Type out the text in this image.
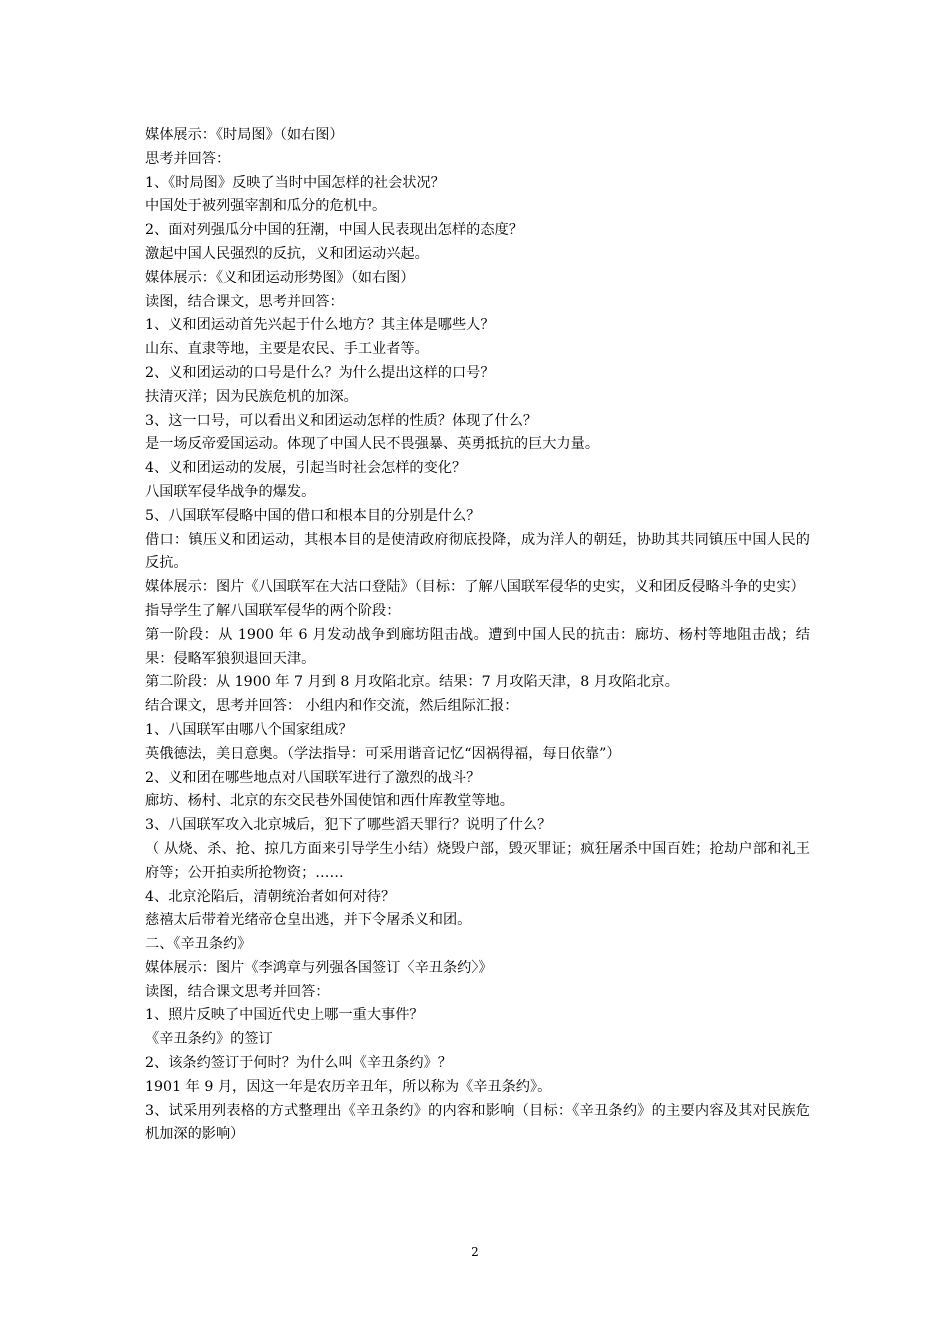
媒体展示：《时局图》（如右图）
思考并回答：
1、《时局图》反映了当时中国怎样的社会状况？
中国处于被列强宰割和瓜分的危机中。
2、面对列强瓜分中国的狂潮，中国人民表现出怎样的态度？
激起中国人民强烈的反抗，义和团运动兴起。
媒体展示：《义和团运动形势图》（如右图）
读图，结合课文，思考并回答：
1、义和团运动首先兴起于什么地方？其主体是哪些人？
山东、直隶等地，主要是农民、手工业者等。
2、义和团运动的口号是什么？为什么提出这样的口号？
扶清灭洋；因为民族危机的加深。
3、这一口号，可以看出义和团运动怎样的性质？体现了什么？
是一场反帝爱国运动。体现了中国人民不畏强暴、英勇抵抗的巨大力量。
4、义和团运动的发展，引起当时社会怎样的变化？
八国联军侵华战争的爆发。
5、八国联军侵略中国的借口和根本目的分别是什么？
借口：镇压义和团运动，其根本目的是使清政府彻底投降，成为洋人的朝廷，协助其共同镇压中国人民的反抗。
媒体展示：图片《八国联军在大沽口登陆》（目标：了解八国联军侵华的史实，义和团反侵略斗争的史实）
指导学生了解八国联军侵华的两个阶段：
第一阶段：从 1900 年 6 月发动战争到廊坊阻击战。遭到中国人民的抗击：廊坊、杨村等地阻击战；结果：侵略军狼狈退回天津。
第二阶段：从 1900 年 7 月到 8 月攻陷北京。结果：7 月攻陷天津，8 月攻陷北京。
结合课文，思考并回答： 小组内和作交流，然后组际汇报：
1、八国联军由哪八个国家组成？
英俄德法，美日意奥。（学法指导：可采用谐音记忆“因祸得福，每日依靠”）
2、义和团在哪些地点对八国联军进行了激烈的战斗？
廊坊、杨村、北京的东交民巷外国使馆和西什库教堂等地。
3、八国联军攻入北京城后，犯下了哪些滔天罪行？说明了什么？
（ 从烧、杀、抢、掠几方面来引导学生小结）烧毁户部，毁灭罪证；疯狂屠杀中国百姓；抢劫户部和礼王府等；公开拍卖所抢物资；……
4、北京沦陷后，清朝统治者如何对待？
慈禧太后带着光绪帝仓皇出逃，并下令屠杀义和团。
二、《辛丑条约》
媒体展示：图片《李鸿章与列强各国签订〈辛丑条约〉》
读图，结合课文思考并回答：
1、照片反映了中国近代史上哪一重大事件？
《辛丑条约》的签订
2、该条约签订于何时？为什么叫《辛丑条约》？
1901 年 9 月，因这一年是农历辛丑年，所以称为《辛丑条约》。
3、试采用列表格的方式整理出《辛丑条约》的内容和影响（目标：《辛丑条约》的主要内容及其对民族危机加深的影响）
2
